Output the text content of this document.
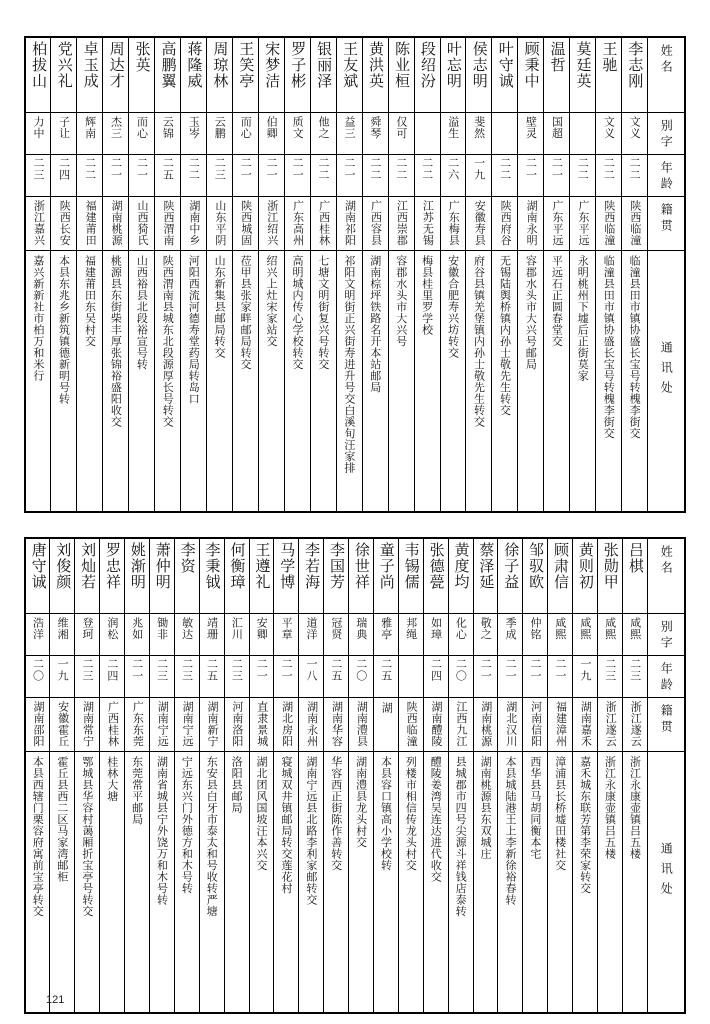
柏拔山	党兴礼	卓玉成	周达才	张英	高鹏翼	蒋隆威	周琼林	王笑亭	宋梦洁	罗子彬	银丽泽	王友斌	黄洪英	陈业桓	段绍汾	叶忘明	侯志明	叶守诚	顾秉中	温哲	莫廷英	王驰	李志刚	姓名
力中	子让	辉南	杰三	而心	云锦	玉岑	云鹏	而心	伯卿	质文	他之	益三	舜琴	仅可		溢生	斐然		壁灵	国超		文义	文义	别字
二三	二四	二二	二一	二一	二五	二二	二三	二一	二一	二一	二二	二一	二二	二二	二二	二六	一九	二二	二一	二一	二二	二二	二二	年龄
浙江嘉兴	陕西长安	福建莆田	湖南桃源	山西猗氏	陕西渭南	湖南中乡	山东平阴	陕西城固	浙江绍兴	广东高州	广西桂林	湖南祁阳	广西容县	江西崇郡	江苏无锡	广东梅县	安徽寿县	陕西府谷	湖南永明	广东平远	广东平远	陕西临潼	陕西临潼	籍贯
嘉兴新新社市柏万和米行	本县东兆乡新筑镇德新明号转	福建莆田东吴村交	桃源县东街柴丰厚张锦裕盛阳收交	山西裕县北段裕宣号转	陕西渭南县城东北段源厚长号转交	河阳西流河德寿堂药局转岛口	山东新集县邮局转交	莅甲县张家畔邮局转交	绍兴上灶宋家站交	高明城内传心学校转交	七塘文明街复兴号转交	祁阳文明街正兴街寿进升号交白溪旬汪家排	湖南棕坪铁路名开本站邮局	容郡水头市大兴号	梅县桂里罗学校	安徽合肥寿兴坊转交	府谷县镇羌堡镇内孙士敬先生转交	无锡陆舆桥镇内孙士敬先生转交	容郡水头市大兴号邮局	平远石正圆春堂交	永明桃州下墟后正街莫家	临潼县田市镇协盛长宝号转槐李街交	临潼县田市镇协盛长宝号转槐李街交	通讯处
唐守诚	刘俊颜	刘灿若	罗忠祥	姚渐明	萧仲明	李资	李秉钺	何衡璋	王遵礼	马学博	李若海	李国芳	徐世祥	童子尚	韦锡儒	张德甍	黄度均	蔡泽延	徐子益	邹驭欧	顾肃信	黄则初	张勋甲	吕棋	姓名
浩洋	维湘	登珂	润松	兆如	锄非	敏达	靖珊	汇川	安卿	平章	道洋	冠贤	瑞典	雅亭	邦绳	如璋	化心	敬之	季成	仲铭	咸熙	咸熙	咸熙	咸熙	别字
二〇	一九	二三	二四	二一	二三	二三	二五	二三	二一	二一	一八	二五	二〇	二五		二四	二〇	二一	二一	二一	二一	一九	二三	二三	年龄
湖南邵阳	安徽霍丘	湖南常宁	广西桂林	广东东莞	湖南宁远	湖南宁远	湖南新宁	河南洛阳	直隶景城	湖北房阳	湖南永州	湖南华容	湖南澧县	湖	陕西临潼	湖南醴陵	江西九江	湖南桃源	湖北汉川	河南信阳	福建漳州	湖南嘉禾	浙江遂云	浙江遂云	籍贯
本县西辖门栗容府寓前宝亭转交	霍丘县西二区马家湾邮柜	鄂城县华容村蔼厢折宝亭号转交	桂林大塘	东莞常平邮局	湖南省城县宁外饶万和木号转	宁远东兴门外德方和木号转	东安县白牙市泰太和号收转严塘	洛阳县邮局	湖北团风国坡汪本兴交	寝城双井镇邮局转交莲花村	湖南宁远县北路李利家邮转交	华容西正街陈作善转交	湖南澧县龙头村交	本县容口镇高小学校转	列楼市相信传龙头村交	醴陵姜湾吴连达进代收交	县城郡市四号尖源斗祥钱店泰转	湖南桃源县东双城庄	本县城陆港王上李新徐裕春转	西华县马胡同衡本宅	漳浦县长桥墟田楼社交	嘉禾城东联芳第李荣家转交	浙江永康壶镇吕五楼	浙江永康壶镇吕五楼	通讯处
121
